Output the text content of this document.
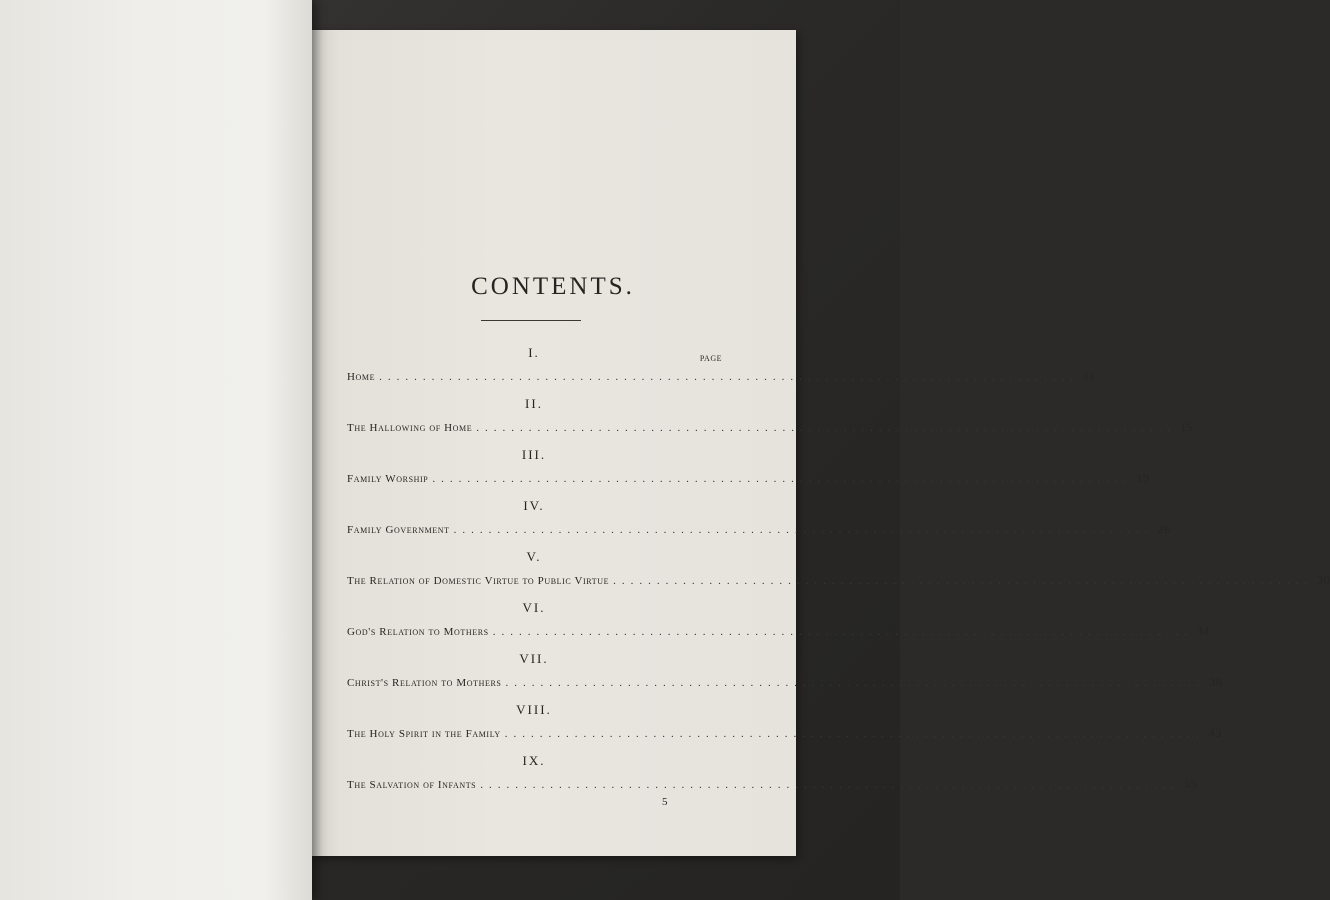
CONTENTS.
PAGE
I.
Home ................................................................................ 11
II.
The Hallowing of Home ................................................................................ 15
III.
Family Worship ................................................................................ 19
IV.
Family Government ................................................................................ 26
V.
The Relation of Domestic Virtue to Public Virtue ................................................................................ 30
VI.
God's Relation to Mothers ................................................................................ 34
VII.
Christ's Relation to Mothers ................................................................................ 38
VIII.
The Holy Spirit in the Family ................................................................................ 43
IX.
The Salvation of Infants ................................................................................ 55
5
